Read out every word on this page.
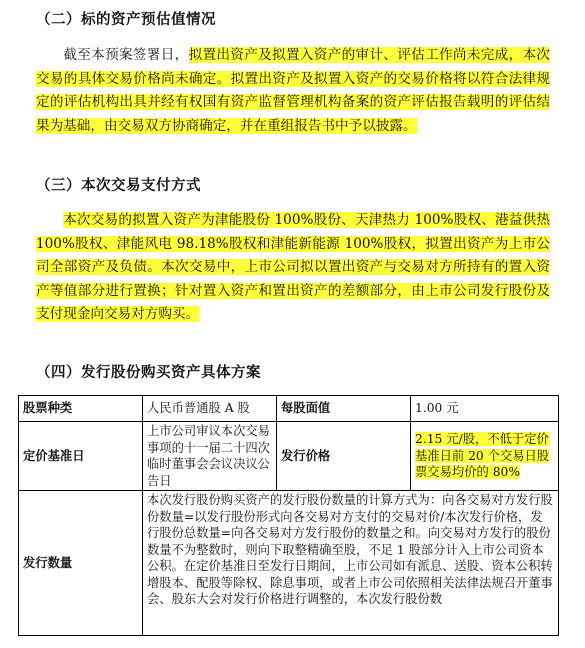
（二）标的资产预估值情况
截至本预案签署日，拟置出资产及拟置入资产的审计、评估工作尚未完成，本次交易的具体交易价格尚未确定。拟置出资产及拟置入资产的交易价格将以符合法律规定的评估机构出具并经有权国有资产监督管理机构备案的资产评估报告载明的评估结果为基础，由交易双方协商确定，并在重组报告书中予以披露。
（三）本次交易支付方式
本次交易的拟置入资产为津能股份 100%股份、天津热力 100%股权、港益供热 100%股权、津能风电 98.18%股权和津能新能源 100%股权，拟置出资产为上市公司全部资产及负债。本次交易中，上市公司拟以置出资产与交易对方所持有的置入资产等值部分进行置换；针对置入资产和置出资产的差额部分，由上市公司发行股份及支付现金向交易对方购买。
（四）发行股份购买资产具体方案
股票种类	人民币普通股 A 股	每股面值	1.00 元
定价基准日	上市公司审议本次交易事项的十一届二十四次临时董事会会议决议公告日	发行价格	2.15 元/股，不低于定价基准日前 20 个交易日股票交易均价的 80%
发行数量	本次发行股份购买资产的发行股份数量的计算方式为：向各交易对方发行股份数量=以发行股份形式向各交易对方支付的交易对价/本次发行价格，发行股份总数量=向各交易对方发行股份的数量之和。向交易对方发行的股份数量不为整数时，则向下取整精确至股，不足 1 股部分计入上市公司资本公积。在定价基准日至发行日期间，上市公司如有派息、送股、资本公积转增股本、配股等除权、除息事项，或者上市公司依照相关法律法规召开董事会、股东大会对发行价格进行调整的，本次发行股份数		
